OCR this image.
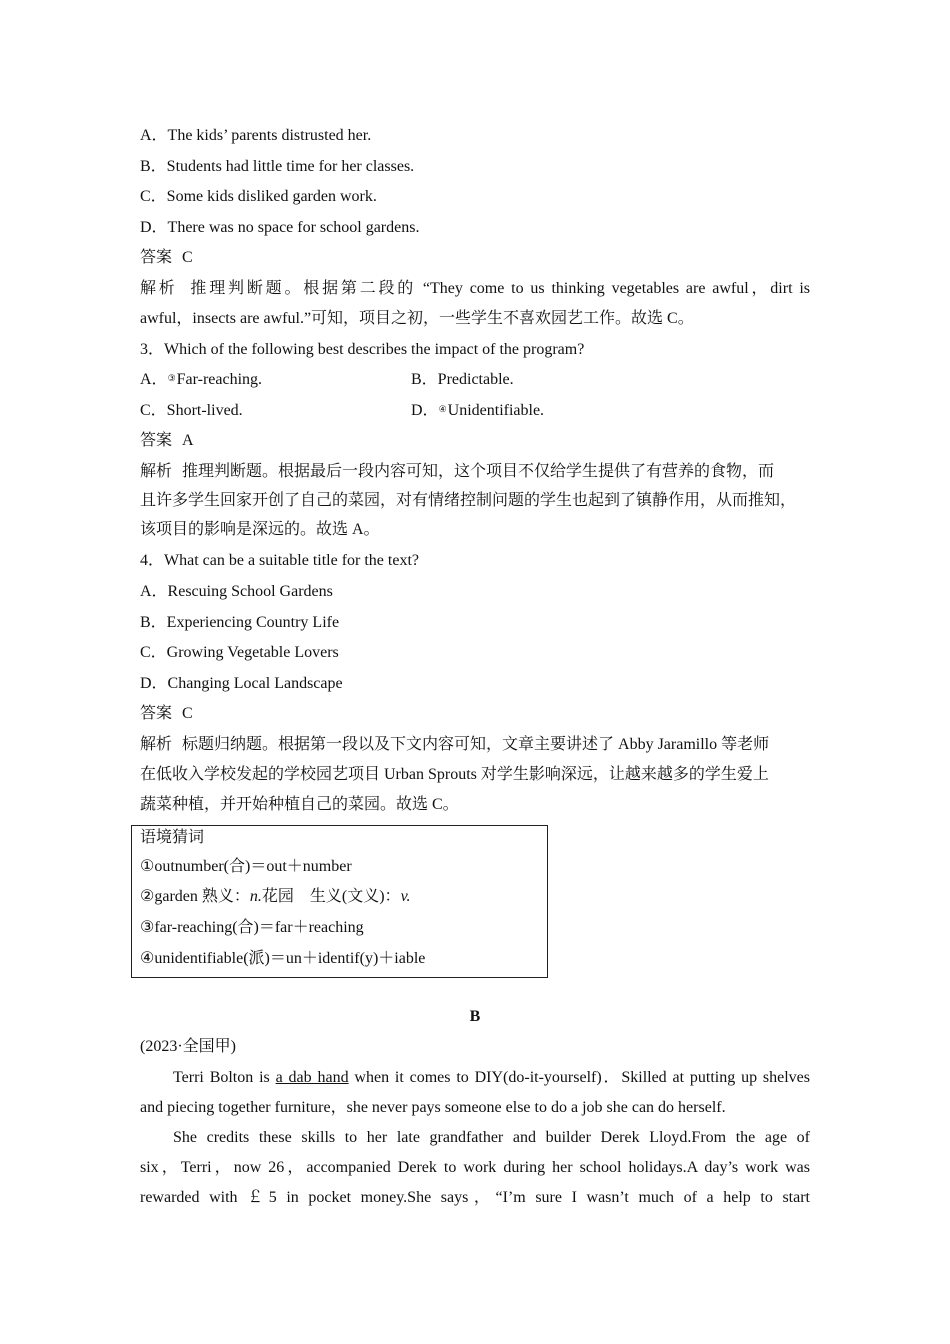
A．The kids’ parents distrusted her.
B．Students had little time for her classes.
C．Some kids disliked garden work.
D．There was no space for school gardens.
答案 C
解析 推理判断题。根据第二段的 “They come to us thinking vegetables are awful，dirt is
awful，insects are awful.”可知，项目之初，一些学生不喜欢园艺工作。故选 C。
3．Which of the following best describes the impact of the program?
A．③Far-reaching.	B．Predictable.
C．Short-lived.	D．④Unidentifiable.
答案 A
解析 推理判断题。根据最后一段内容可知，这个项目不仅给学生提供了有营养的食物，而
且许多学生回家开创了自己的菜园，对有情绪控制问题的学生也起到了镇静作用，从而推知，
该项目的影响是深远的。故选 A。
4．What can be a suitable title for the text?
A．Rescuing School Gardens
B．Experiencing Country Life
C．Growing Vegetable Lovers
D．Changing Local Landscape
答案 C
解析 标题归纳题。根据第一段以及下文内容可知，文章主要讲述了 Abby Jaramillo 等老师
在低收入学校发起的学校园艺项目 Urban Sprouts 对学生影响深远，让越来越多的学生爱上
蔬菜种植，并开始种植自己的菜园。故选 C。
语境猜词
①outnumber(合)＝out＋number
②garden 熟义：n.花园　生义(文义)：v.
③far-reaching(合)＝far＋reaching
④unidentifiable(派)＝un＋identif(y)＋iable
B
(2023·全国甲)
Terri Bolton is a dab hand when it comes to DIY(do-it-yourself)．Skilled at putting up shelves
and piecing together furniture，she never pays someone else to do a job she can do herself.
She credits these skills to her late grandfather and builder Derek Lloyd.From the age of
six，Terri，now 26，accompanied Derek to work during her school holidays.A day’s work was
rewarded with ￡5 in pocket money.She says，“I’m sure I wasn’t much of a help to start
